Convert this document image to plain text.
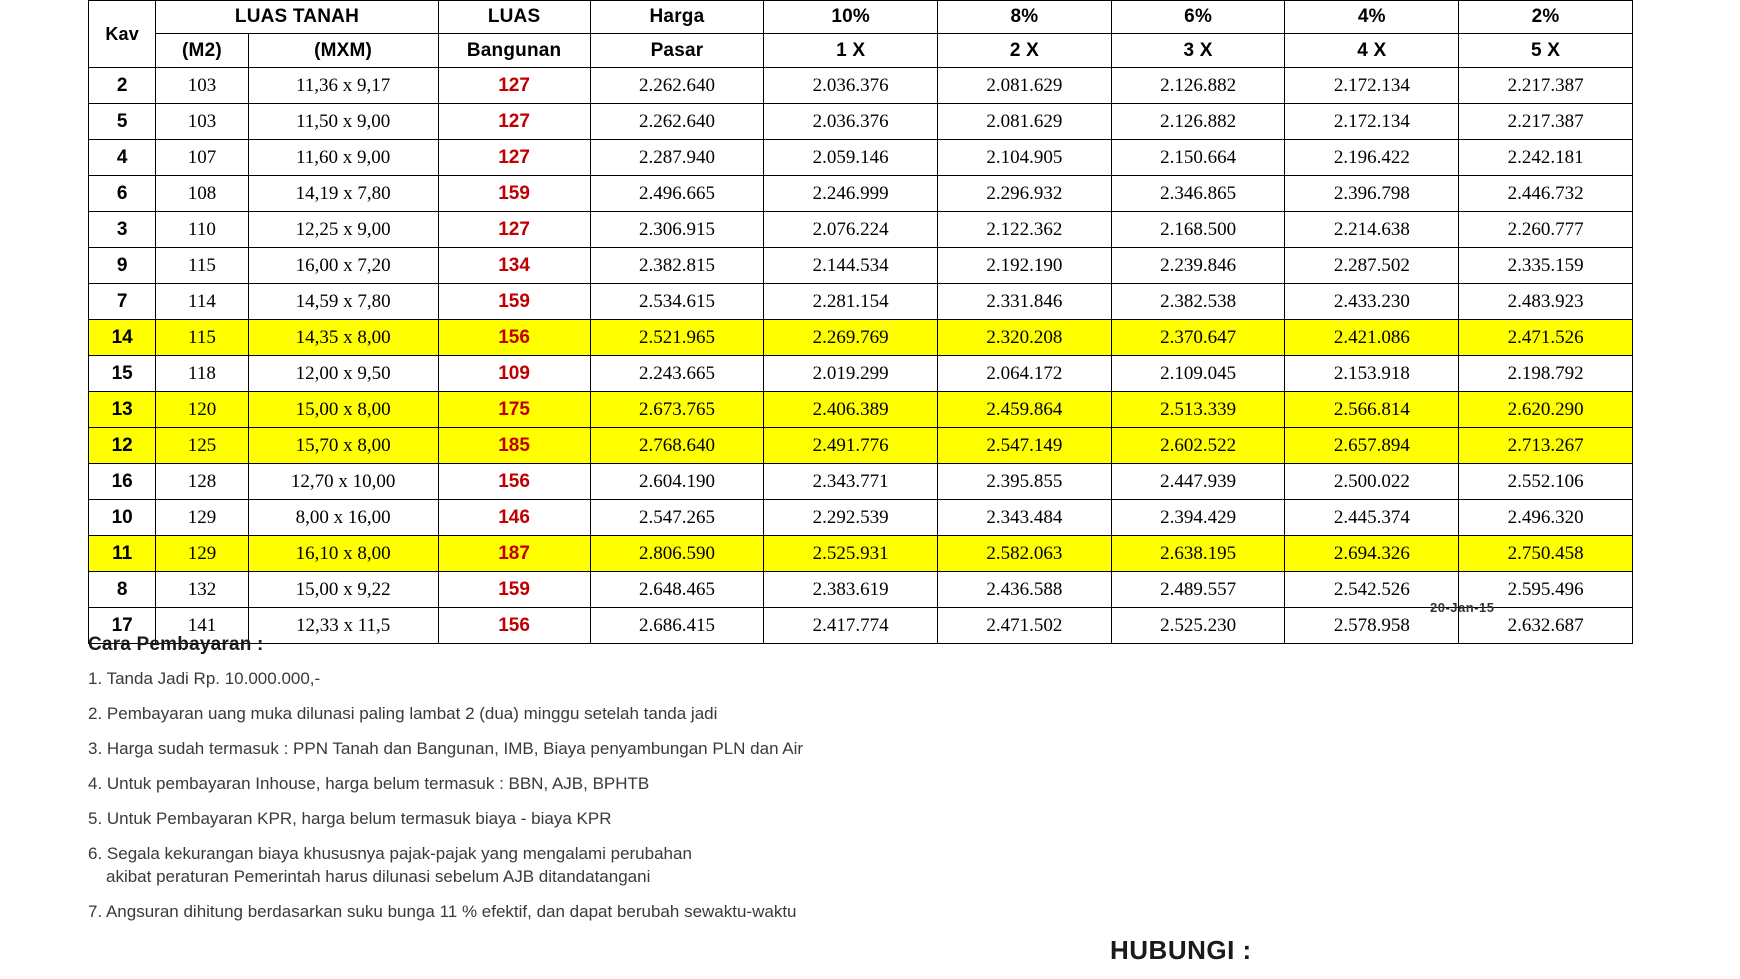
Kav	LUAS TANAH		LUAS	Harga	10%	8%	6%	4%	2%
	(M2)	(MXM)	Bangunan	Pasar	1 X	2 X	3 X	4 X	5 X
2	103	11,36 x 9,17	127	2.262.640	2.036.376	2.081.629	2.126.882	2.172.134	2.217.387
5	103	11,50 x 9,00	127	2.262.640	2.036.376	2.081.629	2.126.882	2.172.134	2.217.387
4	107	11,60 x 9,00	127	2.287.940	2.059.146	2.104.905	2.150.664	2.196.422	2.242.181
6	108	14,19 x 7,80	159	2.496.665	2.246.999	2.296.932	2.346.865	2.396.798	2.446.732
3	110	12,25 x 9,00	127	2.306.915	2.076.224	2.122.362	2.168.500	2.214.638	2.260.777
9	115	16,00 x 7,20	134	2.382.815	2.144.534	2.192.190	2.239.846	2.287.502	2.335.159
7	114	14,59 x 7,80	159	2.534.615	2.281.154	2.331.846	2.382.538	2.433.230	2.483.923
14	115	14,35 x 8,00	156	2.521.965	2.269.769	2.320.208	2.370.647	2.421.086	2.471.526
15	118	12,00 x 9,50	109	2.243.665	2.019.299	2.064.172	2.109.045	2.153.918	2.198.792
13	120	15,00 x 8,00	175	2.673.765	2.406.389	2.459.864	2.513.339	2.566.814	2.620.290
12	125	15,70 x 8,00	185	2.768.640	2.491.776	2.547.149	2.602.522	2.657.894	2.713.267
16	128	12,70 x 10,00	156	2.604.190	2.343.771	2.395.855	2.447.939	2.500.022	2.552.106
10	129	8,00 x 16,00	146	2.547.265	2.292.539	2.343.484	2.394.429	2.445.374	2.496.320
11	129	16,10 x 8,00	187	2.806.590	2.525.931	2.582.063	2.638.195	2.694.326	2.750.458
8	132	15,00 x 9,22	159	2.648.465	2.383.619	2.436.588	2.489.557	2.542.526	2.595.496
17	141	12,33 x 11,5	156	2.686.415	2.417.774	2.471.502	2.525.230	2.578.958	2.632.687
20-Jan-15
Cara Pembayaran :
1. Tanda Jadi Rp. 10.000.000,-
2. Pembayaran uang muka dilunasi paling lambat 2 (dua) minggu setelah tanda jadi
3. Harga sudah termasuk : PPN Tanah dan Bangunan, IMB, Biaya penyambungan PLN dan Air
4. Untuk pembayaran Inhouse, harga belum termasuk : BBN, AJB, BPHTB
5. Untuk Pembayaran KPR, harga belum termasuk biaya - biaya KPR
6. Segala kekurangan biaya khususnya pajak-pajak yang mengalami perubahan
akibat peraturan Pemerintah harus dilunasi sebelum AJB ditandatangani
7. Angsuran dihitung berdasarkan suku bunga 11 % efektif, dan dapat berubah sewaktu-waktu
HUBUNGI :
